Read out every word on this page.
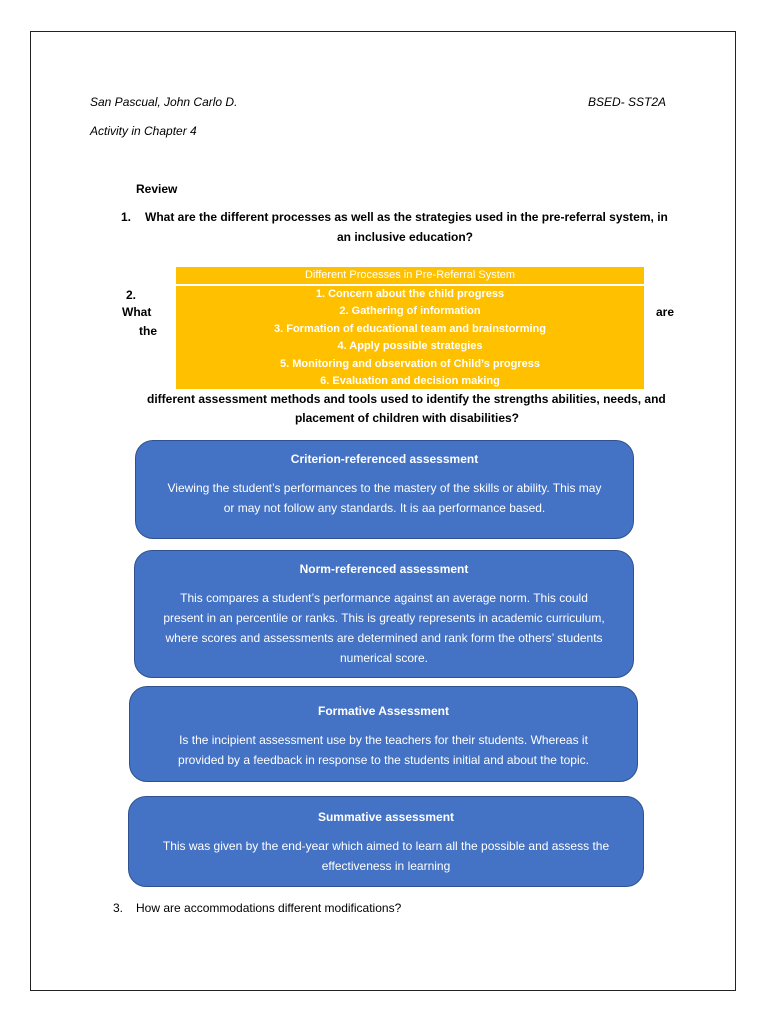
San Pascual, John Carlo D.	BSED- SST2A
Activity in Chapter 4
Review
1. What are the different processes as well as the strategies used in the pre-referral system, in
an inclusive education?
2.
What
the
are
Different Processes in Pre-Referral System
1. Concern about the child progress
2. Gathering of information
3. Formation of educational team and brainstorming
4. Apply possible strategies
5. Monitoring and observation of Child’s progress
6. Evaluation and decision making
different assessment methods and tools used to identify the strengths abilities, needs, and
placement of children with disabilities?
Criterion-referenced assessment
Viewing the student’s performances to the mastery of the skills or ability. This may
or may not follow any standards. It is aa performance based.
Norm-referenced assessment
This compares a student’s performance against an average norm. This could
present in an percentile or ranks. This is greatly represents in academic curriculum,
where scores and assessments are determined and rank form the others’ students
numerical score.
Formative Assessment
Is the incipient assessment use by the teachers for their students. Whereas it
provided by a feedback in response to the students initial and about the topic.
Summative assessment
This was given by the end-year which aimed to learn all the possible and assess the
effectiveness in learning
3. How are accommodations different modifications?
